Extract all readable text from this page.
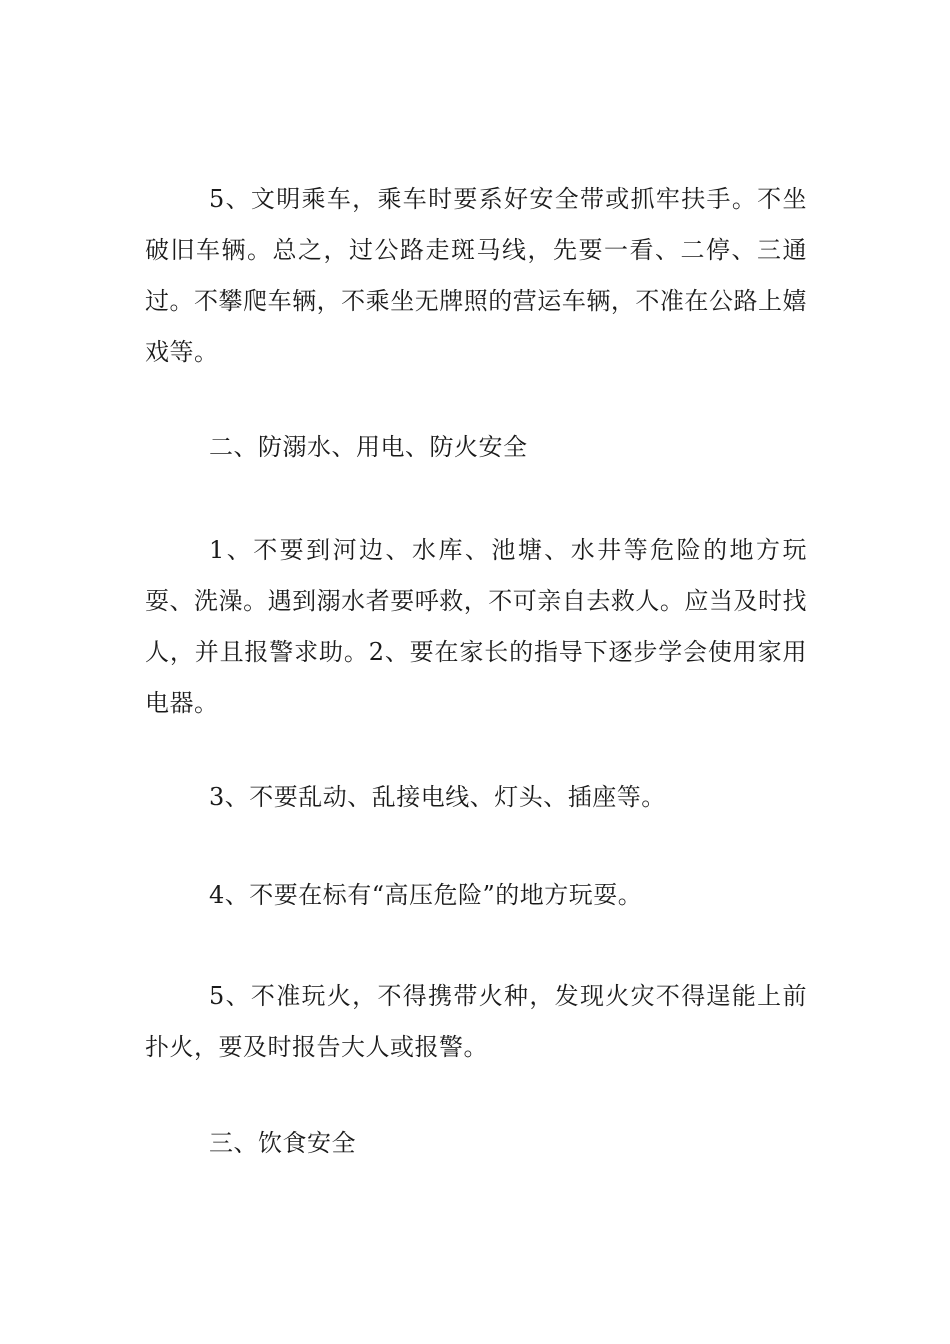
5、文明乘车，乘车时要系好安全带或抓牢扶手。不坐破旧车辆。总之，过公路走斑马线，先要一看、二停、三通过。不攀爬车辆，不乘坐无牌照的营运车辆，不准在公路上嬉戏等。

二、防溺水、用电、防火安全

1、不要到河边、水库、池塘、水井等危险的地方玩耍、洗澡。遇到溺水者要呼救，不可亲自去救人。应当及时找人，并且报警求助。2、要在家长的指导下逐步学会使用家用电器。

3、不要乱动、乱接电线、灯头、插座等。

4、不要在标有“高压危险”的地方玩耍。

5、不准玩火，不得携带火种，发现火灾不得逞能上前扑火，要及时报告大人或报警。

三、饮食安全
